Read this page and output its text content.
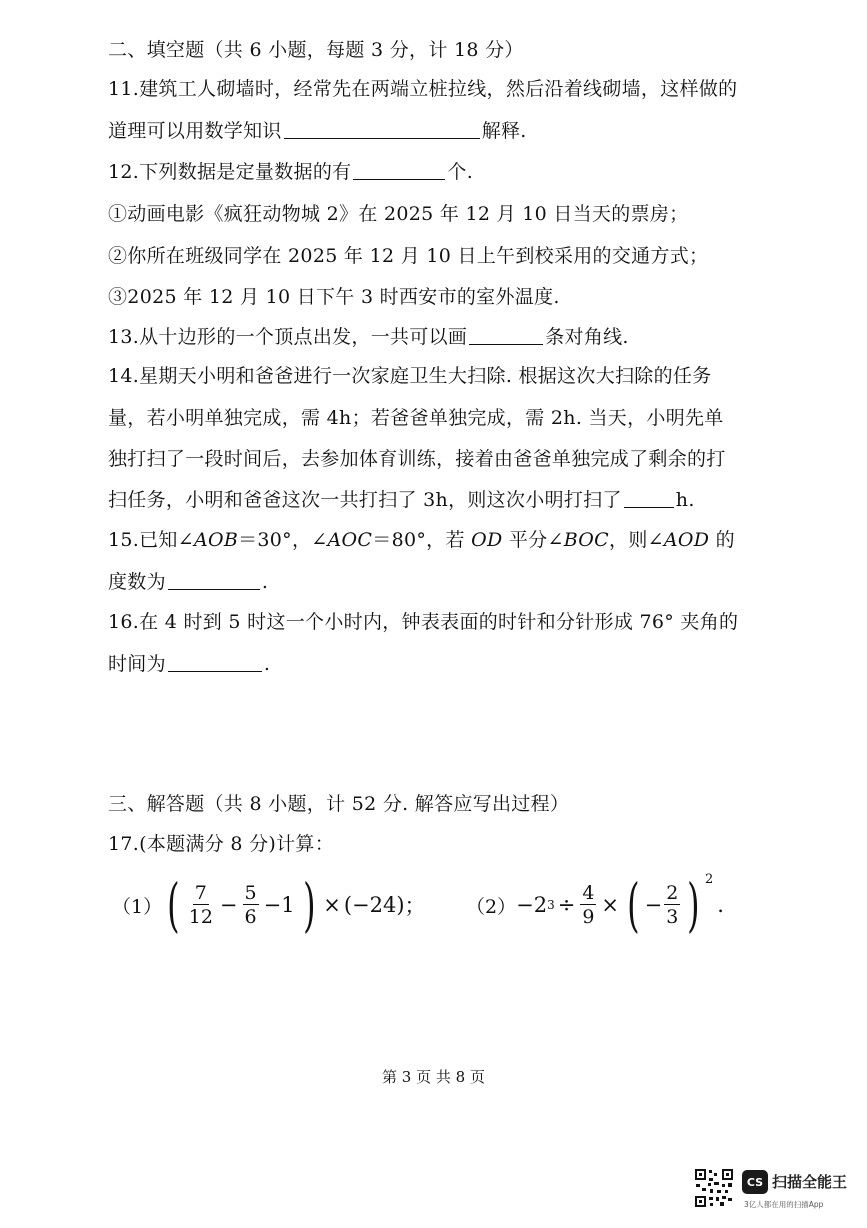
二、填空题（共 6 小题，每题 3 分，计 18 分）
11.建筑工人砌墙时，经常先在两端立桩拉线，然后沿着线砌墙，这样做的
道理可以用数学知识	解释.
12.下列数据是定量数据的有	个.
①动画电影《疯狂动物城 2》在 2025 年 12 月 10 日当天的票房；
②你所在班级同学在 2025 年 12 月 10 日上午到校采用的交通方式；
③2025 年 12 月 10 日下午 3 时西安市的室外温度.
13.从十边形的一个顶点出发，一共可以画	条对角线.
14.星期天小明和爸爸进行一次家庭卫生大扫除. 根据这次大扫除的任务
量，若小明单独完成，需 4h；若爸爸单独完成，需 2h. 当天，小明先单
独打扫了一段时间后，去参加体育训练，接着由爸爸单独完成了剩余的打
扫任务，小明和爸爸这次一共打扫了 3h，则这次小明打扫了	h.
15.已知∠AOB＝30°，∠AOC＝80°，若 OD 平分∠BOC，则∠AOD 的
度数为	.
16.在 4 时到 5 时这一个小时内，钟表表面的时针和分针形成 76° 夹角的
时间为	.
三、解答题（共 8 小题，计 52 分. 解答应写出过程）
17.(本题满分 8 分)计算：
（1） ( $\frac{7}{12} - \frac{5}{6} -1$ ) × (−24) ； （2） −2 $3 \div \frac{4}{9}$ × ( − $\frac{2}{3}$ ) 2
.
第 3 页 共 8 页
CS 扫描全能王
3亿人都在用的扫描App
